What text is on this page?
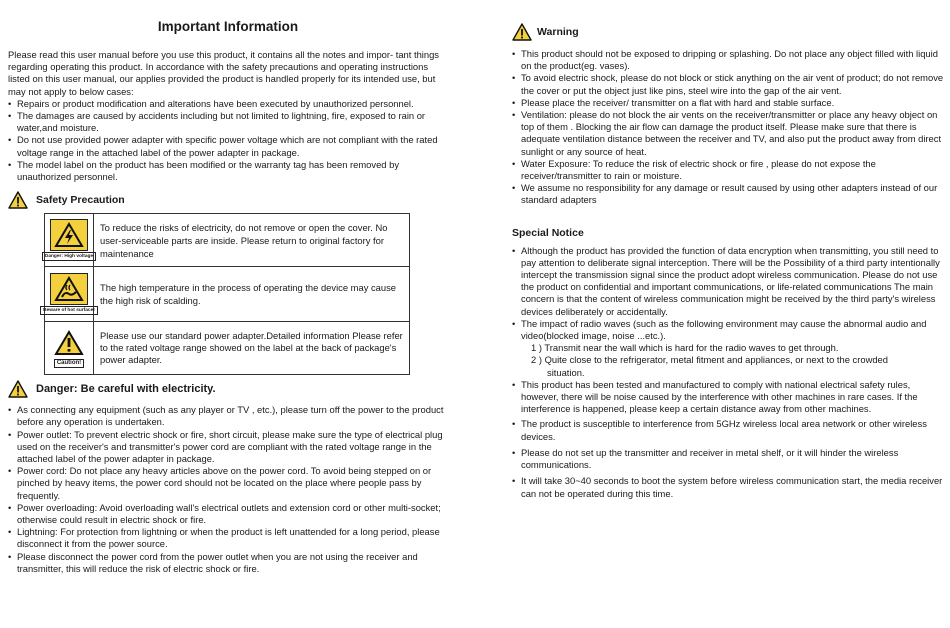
Important Information

Please read this user manual before you use this product, it contains all the notes and impor- tant things regarding operating this product. In accordance with the safety precautions and operating instructions listed on this user manual, our applies provided the product is handled properly for its intended use, but may not apply to below cases:

• Repairs or product modification and alterations have been executed by unauthorized personnel.
• The damages are caused by accidents including but not limited to lightning, fire, exposed to rain or water,and moisture.
• Do not use provided power adapter with specific power voltage which are not compliant with the rated voltage range in the attached label of the power adapter in package.
• The model label on the product has been modified or the warranty tag has been removed by unauthorized personnel.
Safety Precaution
Danger: High voltage	To reduce the risks of electricity, do not remove or open the cover. No user-serviceable parts are inside. Please return to original factory for maintenance

Beware of hot surface!	The high temperature in the process of operating the device may cause the high risk of scalding.

Caution!	Please use our standard power adapter.Detailed information Please refer to the rated voltage range showed on the label at the back of package's power adapter.
Danger: Be careful with electricity.
• As connecting any equipment (such as any player or TV , etc.), please turn off the power to the product before any operation is undertaken.
• Power outlet: To prevent electric shock or fire, short circuit, please make sure the type of electrical plug used on the receiver's and transmitter's power cord are compliant with the rated voltage range in the attached label of the power adapter in package.
• Power cord: Do not place any heavy articles above on the power cord. To avoid being stepped on or pinched by heavy items, the power cord should not be located on the place where people pass by frequently.
• Power overloading: Avoid overloading wall's electrical outlets and extension cord or other multi-socket; otherwise could result in electric shock or fire.
• Lightning: For protection from lightning or when the product is left unattended for a long period, please disconnect it from the power source.
• Please disconnect the power cord from the power outlet when you are not using the receiver and transmitter, this will reduce the risk of electric shock or fire.
Warning
• This product should not be exposed to dripping or splashing. Do not place any object filled with liquid on the product(eg. vases).
• To avoid electric shock, please do not block or stick anything on the air vent of product; do not remove the cover or put the object just like pins, steel wire into the gap of the air vent.
• Please place the receiver/ transmitter on a flat with hard and stable surface.
• Ventilation: please do not block the air vents on the receiver/transmitter or place any heavy object on top of them . Blocking the air flow can damage the product itself. Please make sure that there is adequate ventilation distance between the receiver and TV, and also put the product away from direct sunlight or any source of heat.
• Water Exposure: To reduce the risk of electric shock or fire , please do not expose the receiver/transmitter to rain or moisture.
• We assume no responsibility for any damage or result caused by using other adapters instead of our standard adapters
Special Notice
• Although the product has provided the function of data encryption when transmitting, you still need to pay attention to deliberate signal interception. There will be the Possibility of a third party intentionally intercept the transmission signal since the product adopt wireless communication. Please do not use the product on confidential and important communications, or life-related communications The main concern is that the content of wireless communication might be received by the third party's wireless devices deliberately or accidentally.
• The impact of radio waves (such as the following environment may cause the abnormal audio and video(blocked image, noise ...etc.).
1 ) Transmit near the wall which is hard for the radio waves to get through.
2 ) Quite close to the refrigerator, metal fitment and appliances, or next to the crowded
situation.
• This product has been tested and manufactured to comply with national electrical safety rules, however, there will be noise caused by the interference with other machines in rare cases. If the interference is happened, please keep a certain distance away from other machines.
• The product is susceptible to interference from 5GHz wireless local area network or other wireless devices.
• Please do not set up the transmitter and receiver in metal shelf, or it will hinder the wireless communications.
• It will take 30~40 seconds to boot the system before wireless communication start, the media receiver can not be operated during this time.
